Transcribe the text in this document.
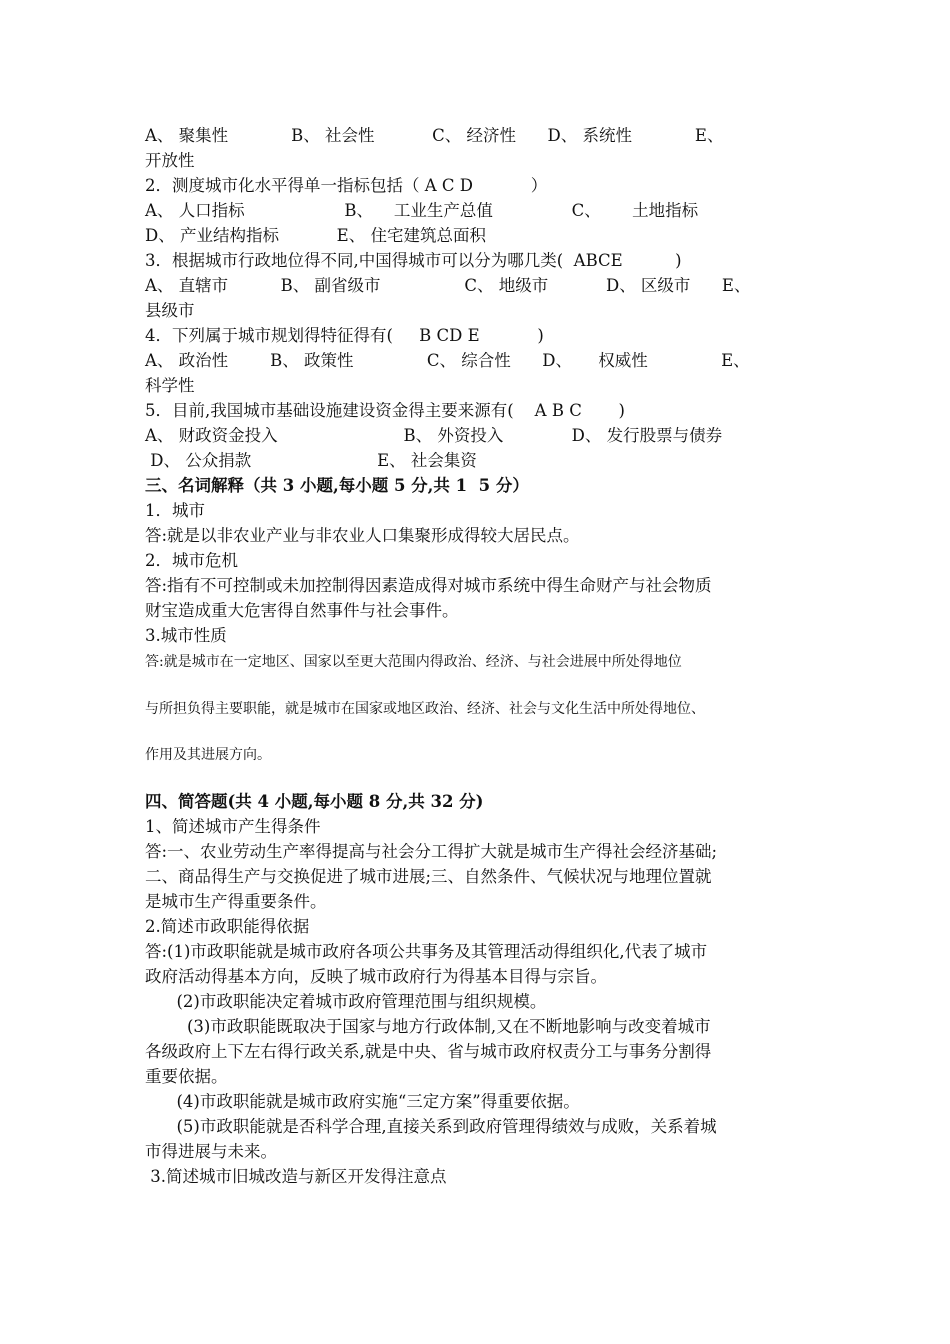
A、 聚集性            B、 社会性           C、 经济性      D、 系统性            E、
开放性
2．测度城市化水平得单一指标包括（ A C D           ）
A、 人口指标                   B、    工业生产总值               C、      土地指标
D、 产业结构指标           E、 住宅建筑总面积
3．根据城市行政地位得不同,中国得城市可以分为哪几类(  ABCE          )
A、 直辖市          B、 副省级市                C、 地级市           D、 区级市      E、
县级市
4．下列属于城市规划得特征得有(     B CD E           )
A、 政治性        B、 政策性              C、 综合性      D、     权威性              E、
科学性
5．目前,我国城市基础设施建设资金得主要来源有(    A B C       )
A、 财政资金投入                        B、 外资投入             D、 发行股票与债券
D、 公众捐款                        E、 社会集资
三、名词解释（共 3 小题,每小题 5 分,共 1  5 分）
1．城市
答:就是以非农业产业与非农业人口集聚形成得较大居民点。
2．城市危机
答:指有不可控制或未加控制得因素造成得对城市系统中得生命财产与社会物质
财宝造成重大危害得自然事件与社会事件。
3.城市性质
答:就是城市在一定地区、国家以至更大范围内得政治、经济、与社会进展中所处得地位
与所担负得主要职能，就是城市在国家或地区政治、经济、社会与文化生活中所处得地位、
作用及其进展方向。
四、简答题(共 4 小题,每小题 8 分,共 32 分)
1、简述城市产生得条件
答:一、农业劳动生产率得提高与社会分工得扩大就是城市生产得社会经济基础;
二、商品得生产与交换促进了城市进展;三、自然条件、气候状况与地理位置就
是城市生产得重要条件。
2.简述市政职能得依据
答:(1)市政职能就是城市政府各项公共事务及其管理活动得组织化,代表了城市
政府活动得基本方向，反映了城市政府行为得基本目得与宗旨。
(2)市政职能决定着城市政府管理范围与组织规模。
(3)市政职能既取决于国家与地方行政体制,又在不断地影响与改变着城市
各级政府上下左右得行政关系,就是中央、省与城市政府权责分工与事务分割得
重要依据。
(4)市政职能就是城市政府实施“三定方案”得重要依据。
(5)市政职能就是否科学合理,直接关系到政府管理得绩效与成败，关系着城
市得进展与未来。
3.简述城市旧城改造与新区开发得注意点
